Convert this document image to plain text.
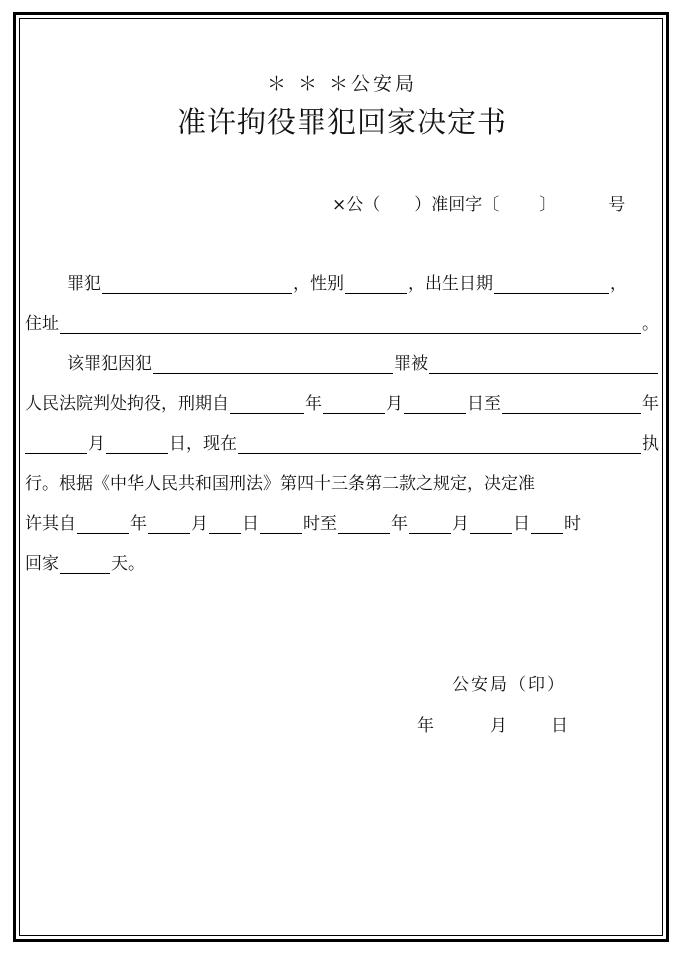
＊ ＊ ＊公安局
准许拘役罪犯回家决定书
×公（ ）准回字〔 〕	号
罪犯	，性别	，出生日期	，
住址	。
该罪犯因犯	罪被
人民法院判处拘役，刑期自	年	月	日至	年
月	日，现在	执
行。根据《中华人民共和国刑法》第四十三条第二款之规定，决定准
许其自	年	月 日	时至	年	月	日 时
回家	天。
公安局（印）
年	月	日
